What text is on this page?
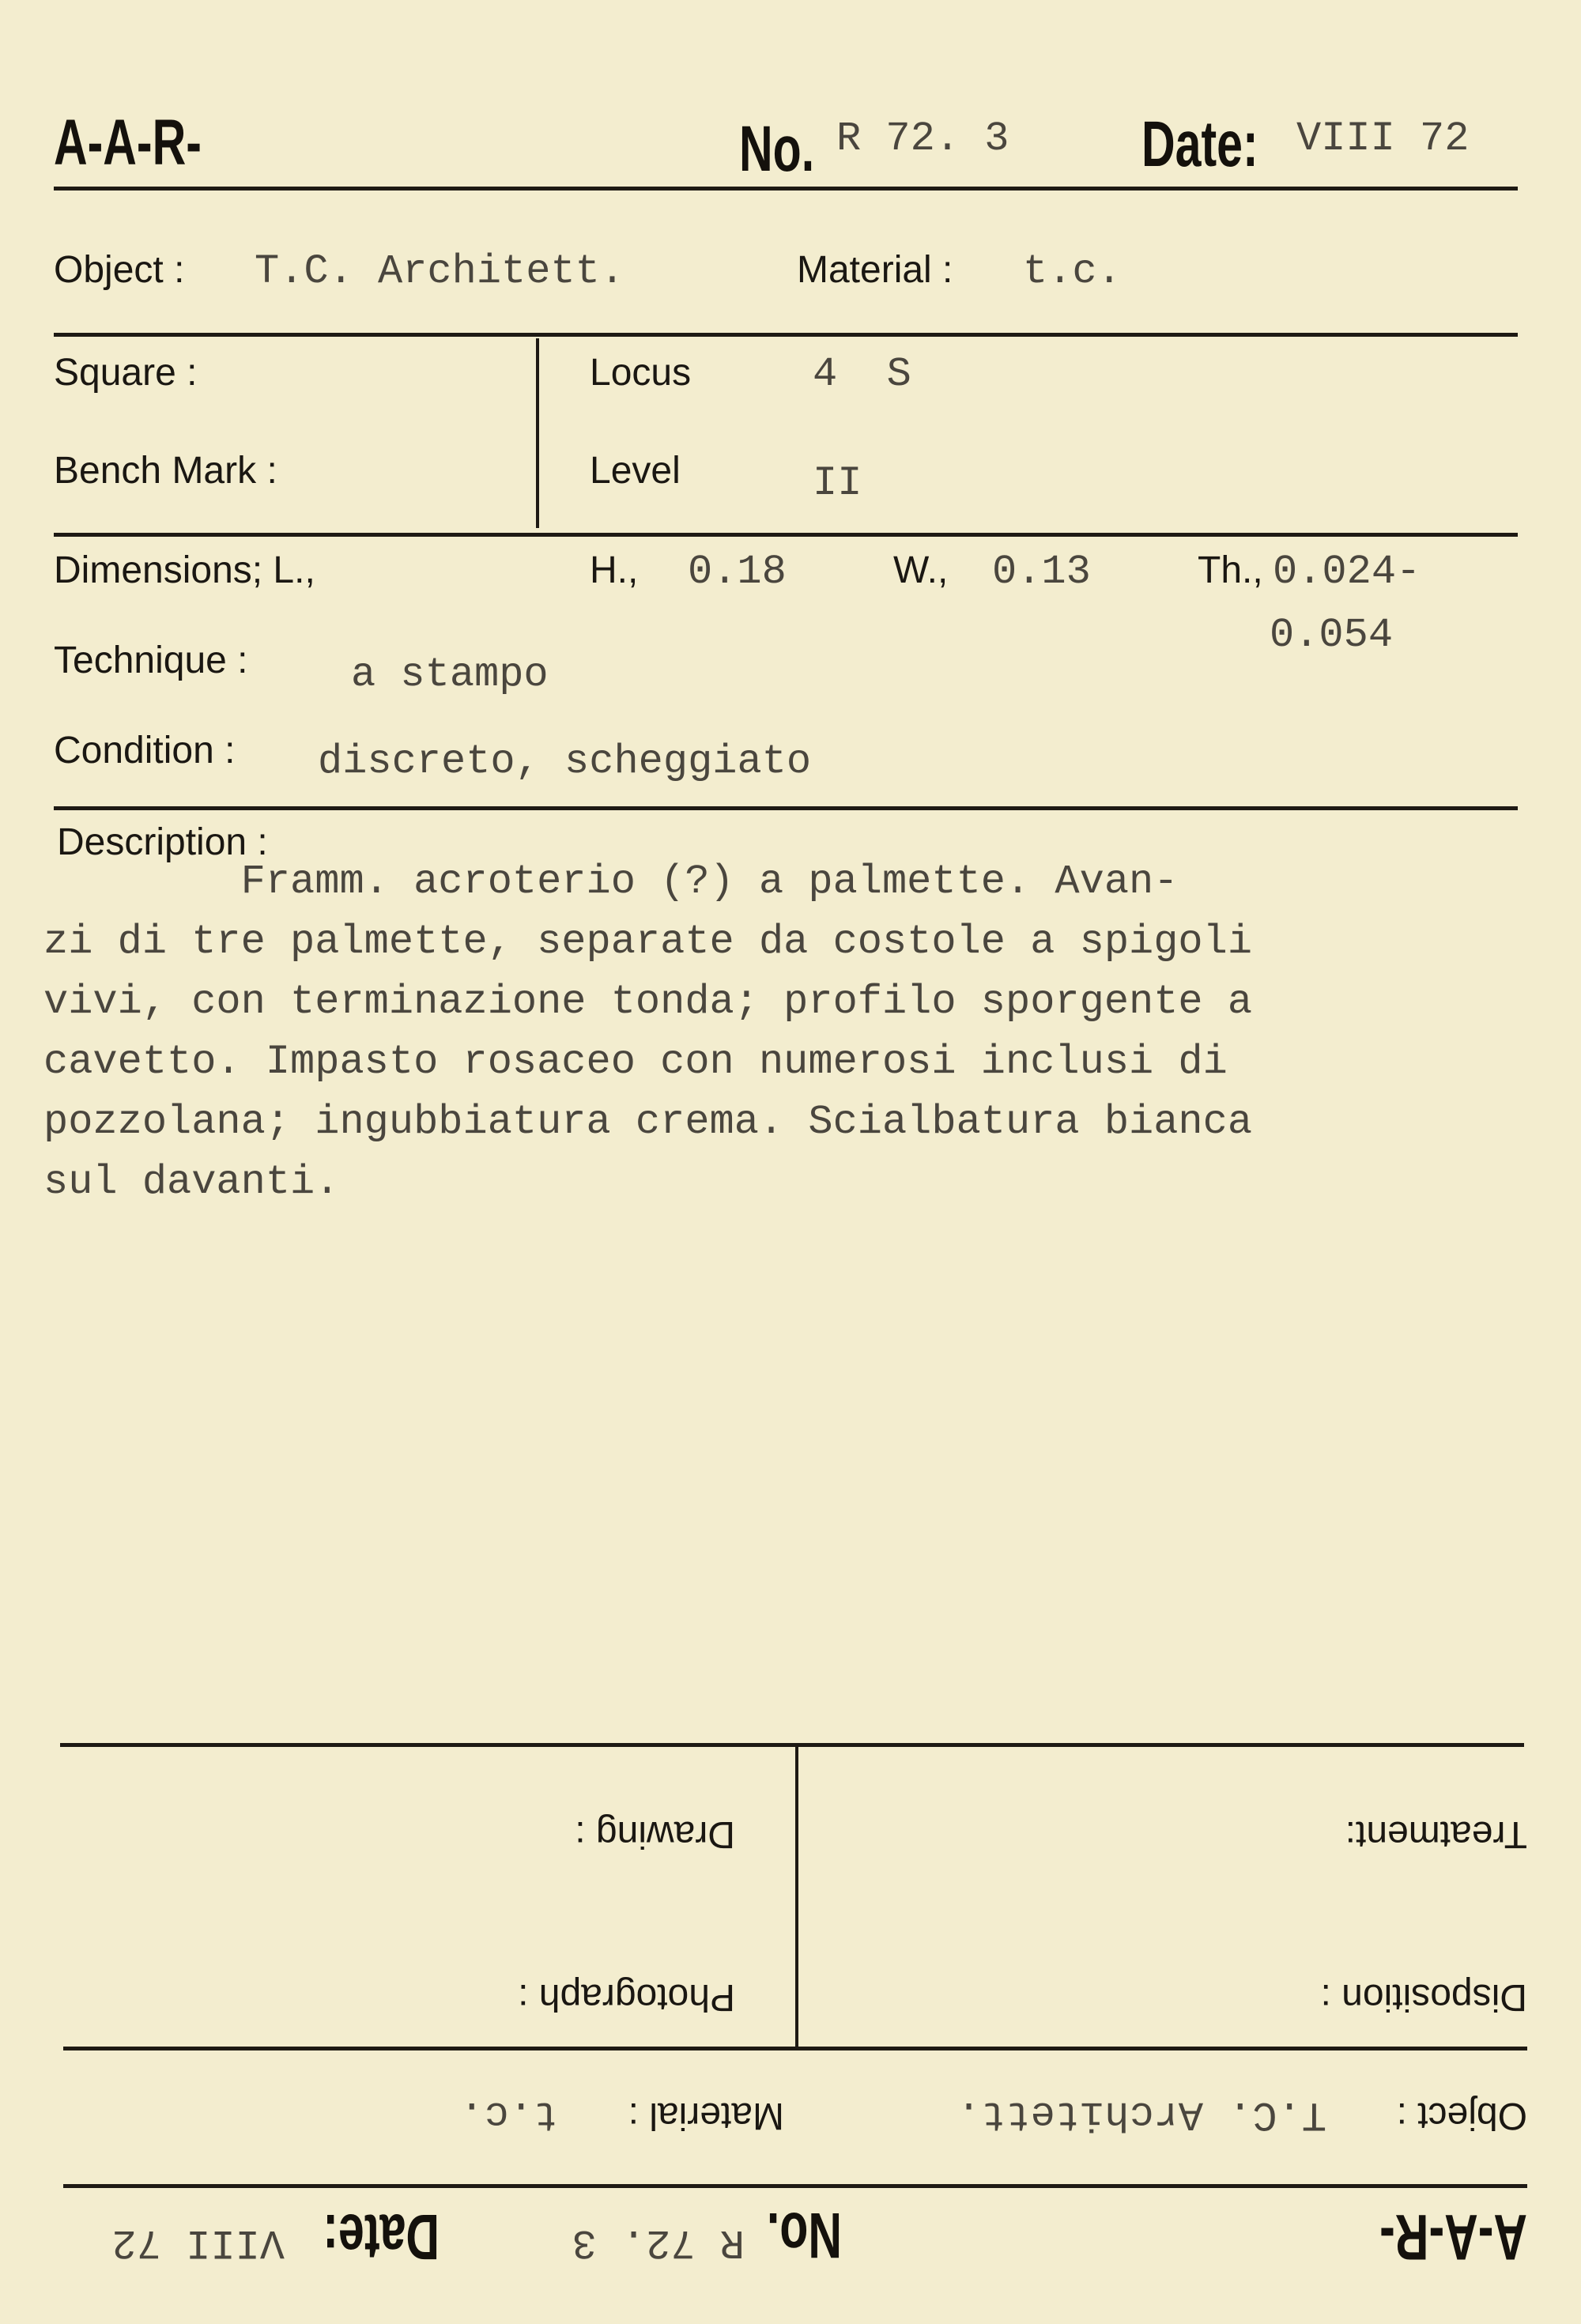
A-A-R-	No. R 72. 3 Date: VIII 72
Object : T.C. Architett.	Material : t.c.
Square :
Bench Mark :
Locus	4  S
Level	II
Dimensions; L.,	H., 0.18	W., 0.13	Th., 0.024-
0.054
Technique :	a stampo
Condition : discreto, scheggiato
Description :
Framm. acroterio (?) a palmette. Avan-
zi di tre palmette, separate da costole a spigoli
vivi, con terminazione tonda; profilo sporgente a
cavetto. Impasto rosaceo con numerosi inclusi di
pozzolana; ingubbiatura crema. Scialbatura bianca
sul davanti.
A-A-R-
No.
R 72. 3
Date:
VIII 72
Object :
T.C. Architett.
Material :
t.c.
Disposition :
Photograph :
Treatment:
Drawing :
